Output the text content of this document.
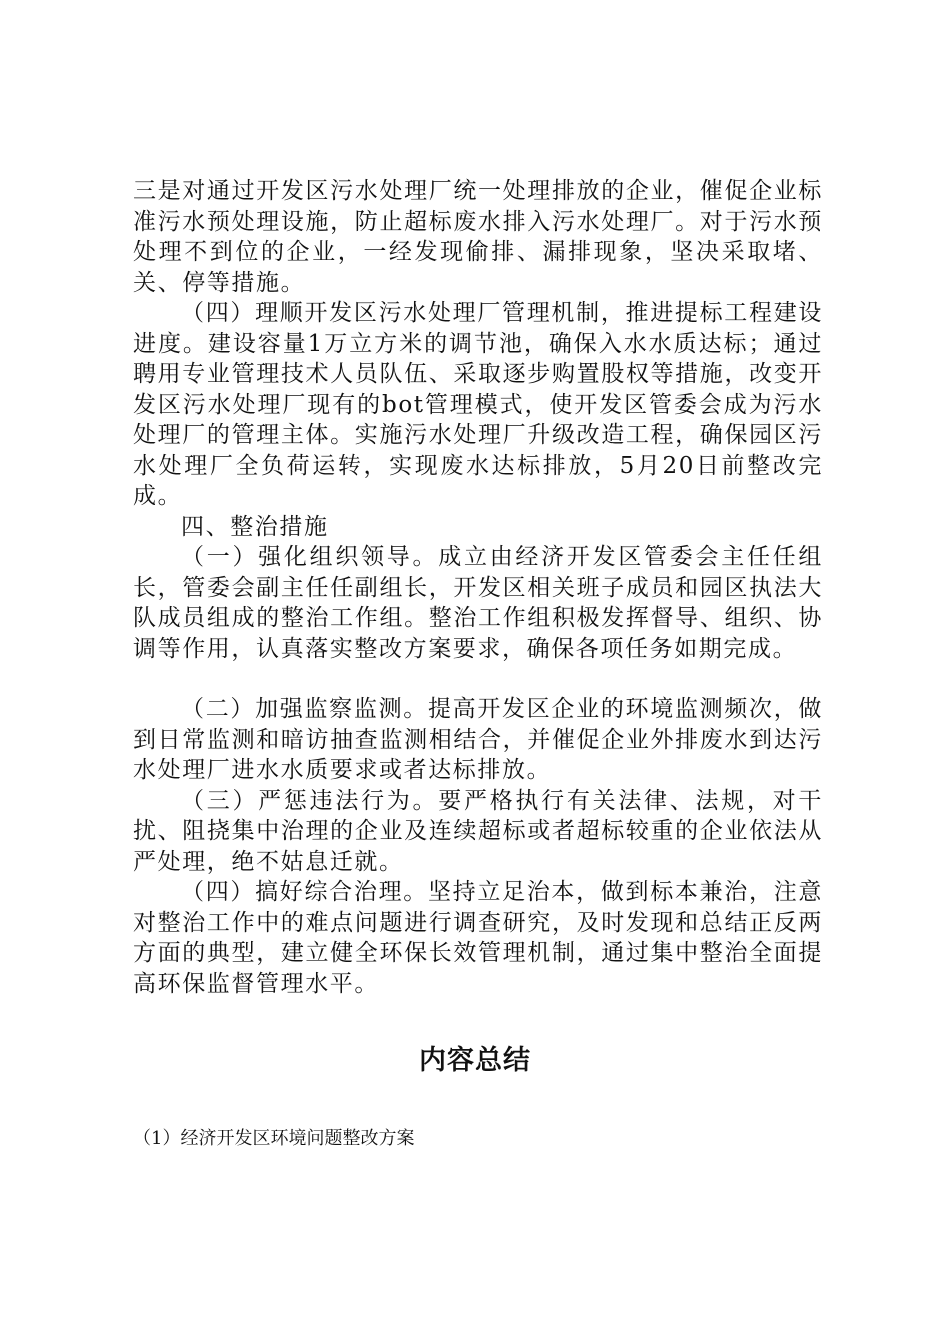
三是对通过开发区污水处理厂统一处理排放的企业，催促企业标准污水预处理设施，防止超标废水排入污水处理厂。对于污水预处理不到位的企业，一经发现偷排、漏排现象，坚决采取堵、关、停等措施。

（四）理顺开发区污水处理厂管理机制，推进提标工程建设进度。建设容量1万立方米的调节池，确保入水水质达标；通过聘用专业管理技术人员队伍、采取逐步购置股权等措施，改变开发区污水处理厂现有的bot管理模式，使开发区管委会成为污水处理厂的管理主体。实施污水处理厂升级改造工程，确保园区污水处理厂全负荷运转，实现废水达标排放，5月20日前整改完成。

四、整治措施

（一）强化组织领导。成立由经济开发区管委会主任任组长，管委会副主任任副组长，开发区相关班子成员和园区执法大队成员组成的整治工作组。整治工作组积极发挥督导、组织、协调等作用，认真落实整改方案要求，确保各项任务如期完成。

（二）加强监察监测。提高开发区企业的环境监测频次，做到日常监测和暗访抽查监测相结合，并催促企业外排废水到达污水处理厂进水水质要求或者达标排放。

（三）严惩违法行为。要严格执行有关法律、法规，对干扰、阻挠集中治理的企业及连续超标或者超标较重的企业依法从严处理，绝不姑息迁就。

（四）搞好综合治理。坚持立足治本，做到标本兼治，注意对整治工作中的难点问题进行调查研究，及时发现和总结正反两方面的典型，建立健全环保长效管理机制，通过集中整治全面提高环保监督管理水平。

内容总结

（1）经济开发区环境问题整改方案
